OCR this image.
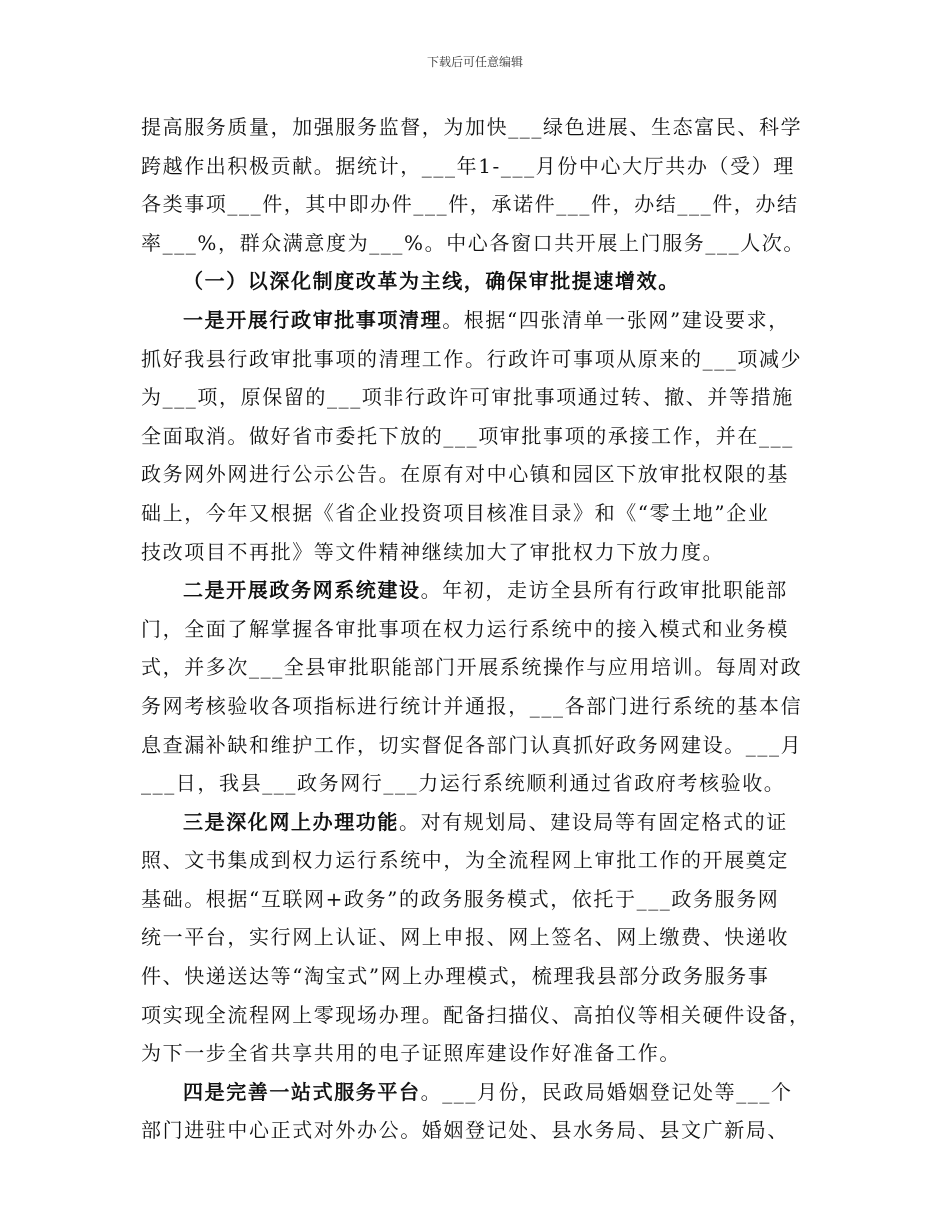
下载后可任意编辑
提高服务质量，加强服务监督，为加快___绿色进展、生态富民、科学
跨越作出积极贡献。据统计，___年1-___月份中心大厅共办（受）理
各类事项___件，其中即办件___件，承诺件___件，办结___件，办结
率___%，群众满意度为___%。中心各窗口共开展上门服务___人次。
（一）以深化制度改革为主线，确保审批提速增效。
一是开展行政审批事项清理。根据“四张清单一张网”建设要求，
抓好我县行政审批事项的清理工作。行政许可事项从原来的___项减少
为___项，原保留的___项非行政许可审批事项通过转、撤、并等措施
全面取消。做好省市委托下放的___项审批事项的承接工作，并在___
政务网外网进行公示公告。在原有对中心镇和园区下放审批权限的基
础上，今年又根据《省企业投资项目核准目录》和《“零土地”企业
技改项目不再批》等文件精神继续加大了审批权力下放力度。
二是开展政务网系统建设。年初，走访全县所有行政审批职能部
门，全面了解掌握各审批事项在权力运行系统中的接入模式和业务模
式，并多次___全县审批职能部门开展系统操作与应用培训。每周对政
务网考核验收各项指标进行统计并通报，___各部门进行系统的基本信
息查漏补缺和维护工作，切实督促各部门认真抓好政务网建设。___月
___日，我县___政务网行___力运行系统顺利通过省政府考核验收。
三是深化网上办理功能。对有规划局、建设局等有固定格式的证
照、文书集成到权力运行系统中，为全流程网上审批工作的开展奠定
基础。根据“互联网+政务”的政务服务模式，依托于___政务服务网
统一平台，实行网上认证、网上申报、网上签名、网上缴费、快递收
件、快递送达等“淘宝式”网上办理模式，梳理我县部分政务服务事
项实现全流程网上零现场办理。配备扫描仪、高拍仪等相关硬件设备，
为下一步全省共享共用的电子证照库建设作好准备工作。
四是完善一站式服务平台。___月份，民政局婚姻登记处等___个
部门进驻中心正式对外办公。婚姻登记处、县水务局、县文广新局、
